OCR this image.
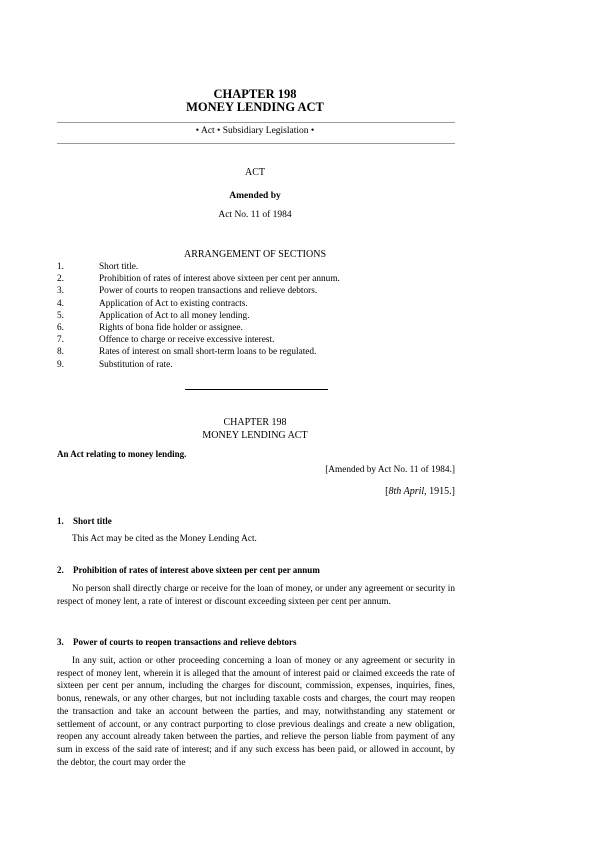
CHAPTER 198
MONEY LENDING ACT
• Act • Subsidiary Legislation •
ACT
Amended by
Act No. 11 of 1984
ARRANGEMENT OF SECTIONS
1.	Short title.
2.	Prohibition of rates of interest above sixteen per cent per annum.
3.	Power of courts to reopen transactions and relieve debtors.
4.	Application of Act to existing contracts.
5.	Application of Act to all money lending.
6.	Rights of bona fide holder or assignee.
7.	Offence to charge or receive excessive interest.
8.	Rates of interest on small short-term loans to be regulated.
9.	Substitution of rate.
CHAPTER 198
MONEY LENDING ACT
An Act relating to money lending.
[Amended by Act No. 11 of 1984.]
[8th April, 1915.]
1. Short title
This Act may be cited as the Money Lending Act.
2. Prohibition of rates of interest above sixteen per cent per annum
No person shall directly charge or receive for the loan of money, or under any agreement or security in respect of money lent, a rate of interest or discount exceeding sixteen per cent per annum.
3. Power of courts to reopen transactions and relieve debtors
In any suit, action or other proceeding concerning a loan of money or any agreement or security in respect of money lent, wherein it is alleged that the amount of interest paid or claimed exceeds the rate of sixteen per cent per annum, including the charges for discount, commission, expenses, inquiries, fines, bonus, renewals, or any other charges, but not including taxable costs and charges, the court may reopen the transaction and take an account between the parties, and may, notwithstanding any statement or settlement of account, or any contract purporting to close previous dealings and create a new obligation, reopen any account already taken between the parties, and relieve the person liable from payment of any sum in excess of the said rate of interest; and if any such excess has been paid, or allowed in account, by the debtor, the court may order the
